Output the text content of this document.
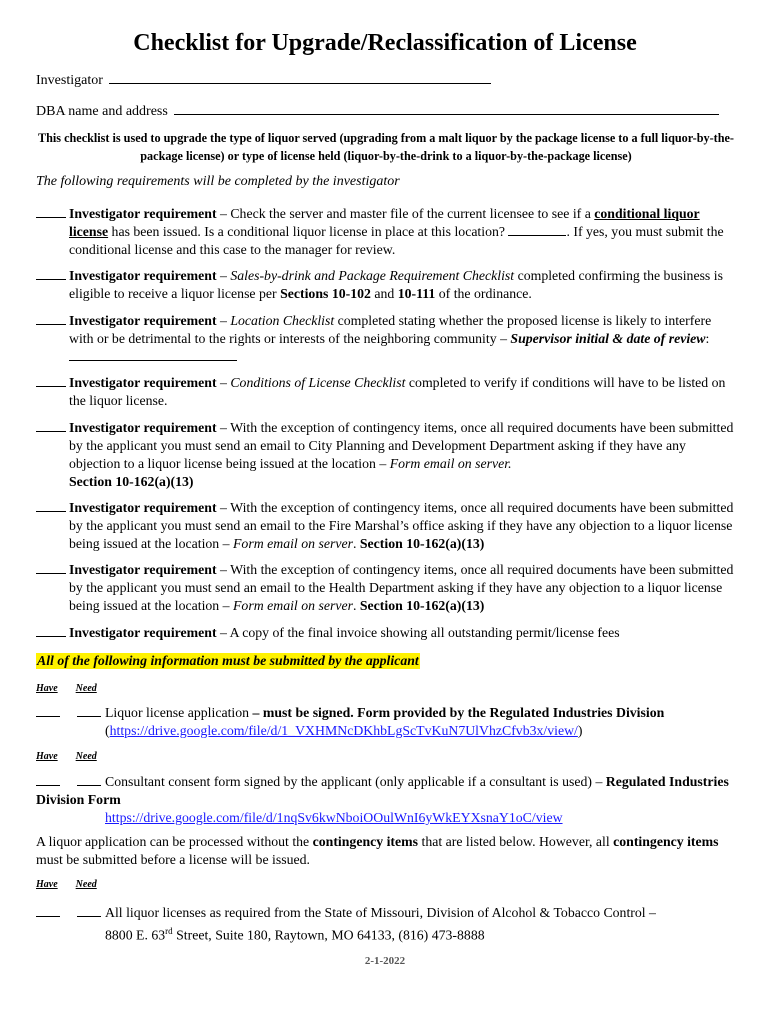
Checklist for Upgrade/Reclassification of License
Investigator
DBA name and address
This checklist is used to upgrade the type of liquor served (upgrading from a malt liquor by the package license to a full liquor-by-the-package license) or type of license held (liquor-by-the-drink to a liquor-by-the-package license)
The following requirements will be completed by the investigator
Investigator requirement – Check the server and master file of the current licensee to see if a conditional liquor license has been issued. Is a conditional liquor license in place at this location?	. If yes, you must submit the conditional license and this case to the manager for review.
Investigator requirement – Sales-by-drink and Package Requirement Checklist completed confirming the business is eligible to receive a liquor license per Sections 10-102 and 10-111 of the ordinance.
Investigator requirement – Location Checklist completed stating whether the proposed license is likely to interfere with or be detrimental to the rights or interests of the neighboring community – Supervisor initial & date of review:
Investigator requirement – Conditions of License Checklist completed to verify if conditions will have to be listed on the liquor license.
Investigator requirement – With the exception of contingency items, once all required documents have been submitted by the applicant you must send an email to City Planning and Development Department asking if they have any objection to a liquor license being issued at the location – Form email on server.
Section 10-162(a)(13)
Investigator requirement – With the exception of contingency items, once all required documents have been submitted by the applicant you must send an email to the Fire Marshal’s office asking if they have any objection to a liquor license being issued at the location – Form email on server. Section 10-162(a)(13)
Investigator requirement – With the exception of contingency items, once all required documents have been submitted by the applicant you must send an email to the Health Department asking if they have any objection to a liquor license being issued at the location – Form email on server. Section 10-162(a)(13)
Investigator requirement – A copy of the final invoice showing all outstanding permit/license fees
All of the following information must be submitted by the applicant
Have Need
Liquor license application – must be signed. Form provided by the Regulated Industries Division
(https://drive.google.com/file/d/1_VXHMNcDKhbLgScTvKuN7UlVhzCfvb3x/view/)
Have Need
Consultant consent form signed by the applicant (only applicable if a consultant is used) – Regulated Industries Division Form
https://drive.google.com/file/d/1nqSv6kwNboiOOulWnI6yWkEYXsnaY1oC/view
A liquor application can be processed without the contingency items that are listed below. However, all contingency items must be submitted before a license will be issued.
Have Need
All liquor licenses as required from the State of Missouri, Division of Alcohol & Tobacco Control –
8800 E. 63rd Street, Suite 180, Raytown, MO 64133, (816) 473-8888
2-1-2022
